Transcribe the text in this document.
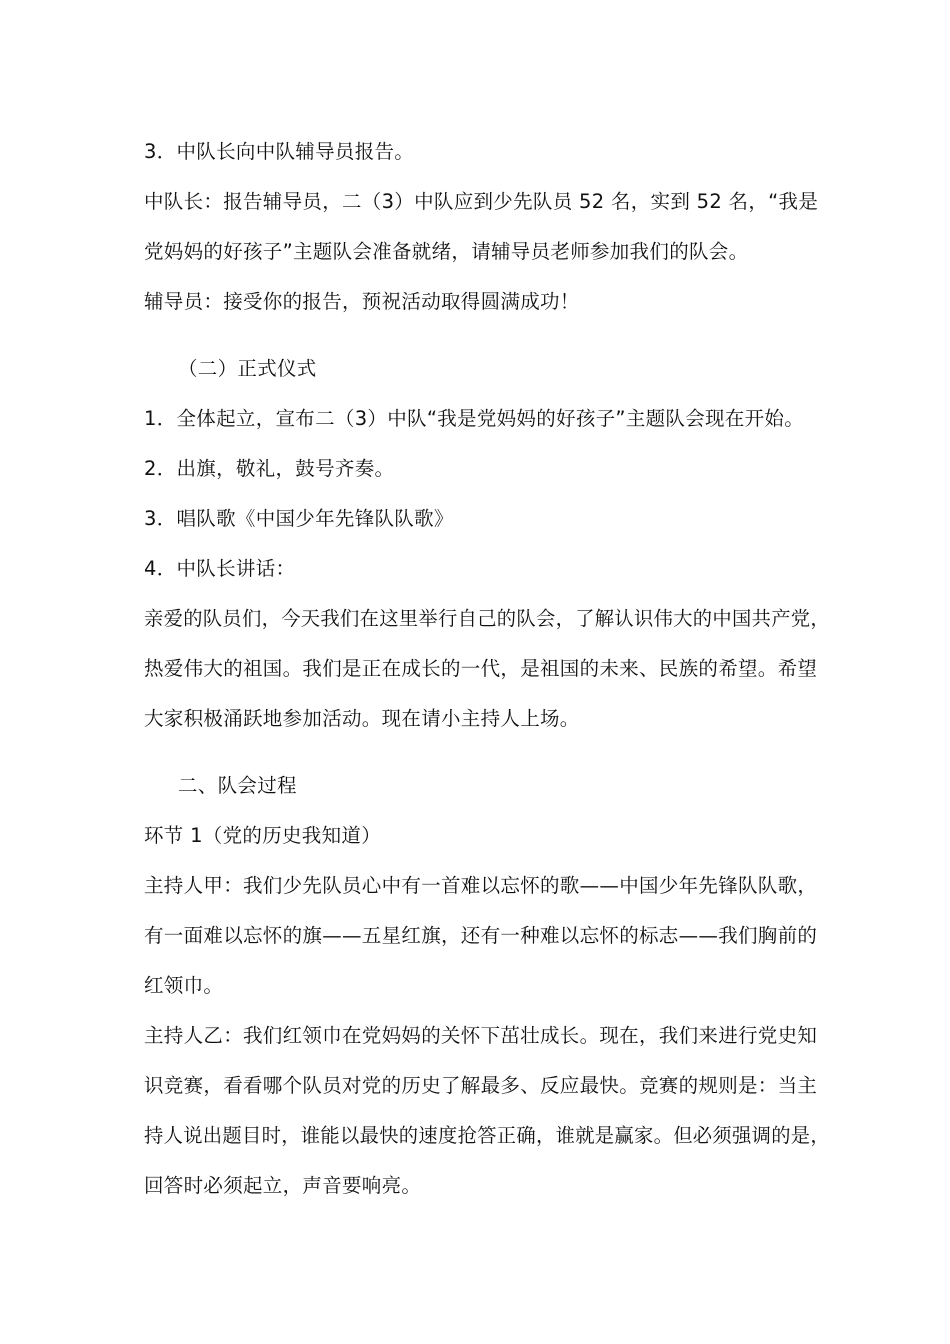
3．中队长向中队辅导员报告。
中队长：报告辅导员，二（3）中队应到少先队员 52 名，实到 52 名，“我是
党妈妈的好孩子”主题队会准备就绪，请辅导员老师参加我们的队会。
辅导员：接受你的报告，预祝活动取得圆满成功！
（二）正式仪式
1．全体起立，宣布二（3）中队“我是党妈妈的好孩子”主题队会现在开始。
2．出旗，敬礼，鼓号齐奏。
3．唱队歌《中国少年先锋队队歌》
4．中队长讲话：
亲爱的队员们，今天我们在这里举行自己的队会，了解认识伟大的中国共产党，
热爱伟大的祖国。我们是正在成长的一代，是祖国的未来、民族的希望。希望
大家积极涌跃地参加活动。现在请小主持人上场。
二、队会过程
环节 1（党的历史我知道）
主持人甲：我们少先队员心中有一首难以忘怀的歌——中国少年先锋队队歌，
有一面难以忘怀的旗——五星红旗，还有一种难以忘怀的标志——我们胸前的
红领巾。
主持人乙：我们红领巾在党妈妈的关怀下茁壮成长。现在，我们来进行党史知
识竞赛，看看哪个队员对党的历史了解最多、反应最快。竞赛的规则是：当主
持人说出题目时，谁能以最快的速度抢答正确，谁就是赢家。但必须强调的是，
回答时必须起立，声音要响亮。
